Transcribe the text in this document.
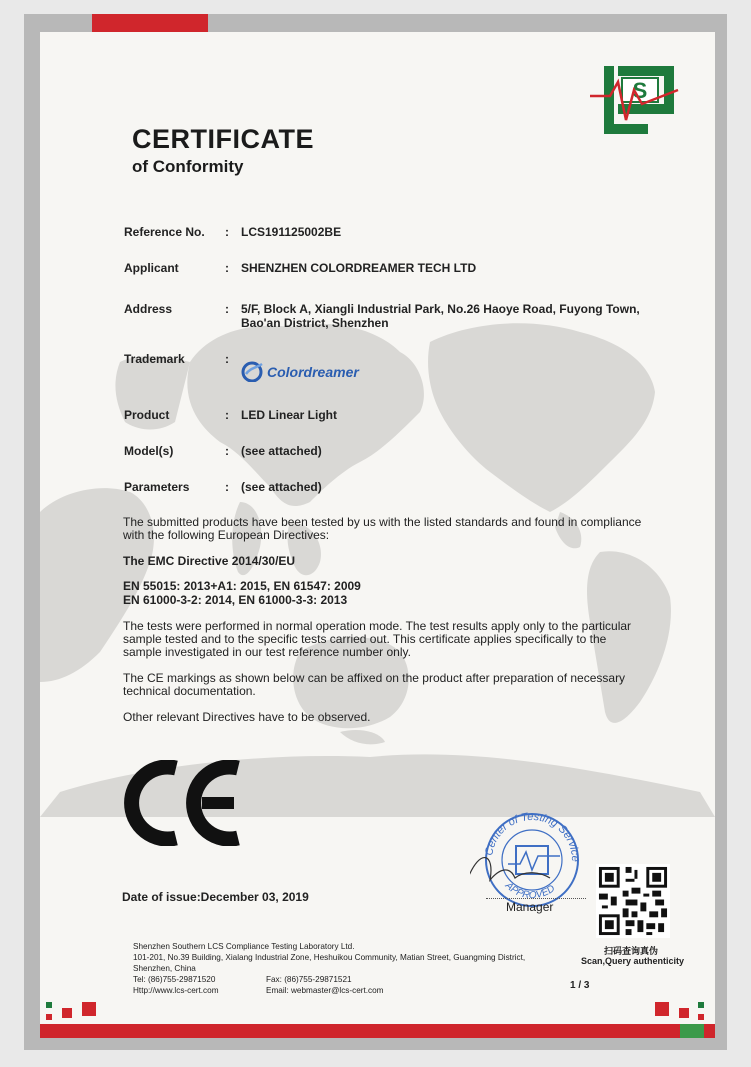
S
CERTIFICATE
of Conformity
Reference No. : LCS191125002BE
Applicant	: SHENZHEN COLORDREAMER TECH LTD
Address	: 5/F, Block A, Xiangli Industrial Park, No.26 Haoye Road, Fuyong Town,
Bao'an District, Shenzhen
Trademark	:
Colordreamer
Product	: LED Linear Light
Model(s)	: (see attached)
Parameters	: (see attached)
The submitted products have been tested by us with the listed standards and found in compliance
with the following European Directives:
The EMC Directive 2014/30/EU
EN 55015: 2013+A1: 2015, EN 61547: 2009
EN 61000-3-2: 2014, EN 61000-3-3: 2013
The tests were performed in normal operation mode. The test results apply only to the particular
sample tested and to the specific tests carried out. This certificate applies specifically to the
sample investigated in our test reference number only.
The CE markings as shown below can be affixed on the product after preparation of necessary
technical documentation.
Other relevant Directives have to be observed.
Date of issue:December 03, 2019
Center of Testing Service
APPROVED
Manager
扫码查询真伪
Scan,Query authenticity
1 / 3
Shenzhen Southern LCS Compliance Testing Laboratory Ltd.
101-201, No.39 Building, Xialang Industrial Zone, Heshuikou Community, Matian Street, Guangming District,
Shenzhen, China
Tel: (86)755-29871520	Fax: (86)755-29871521
Http://www.lcs-cert.com	Email: webmaster@lcs-cert.com
